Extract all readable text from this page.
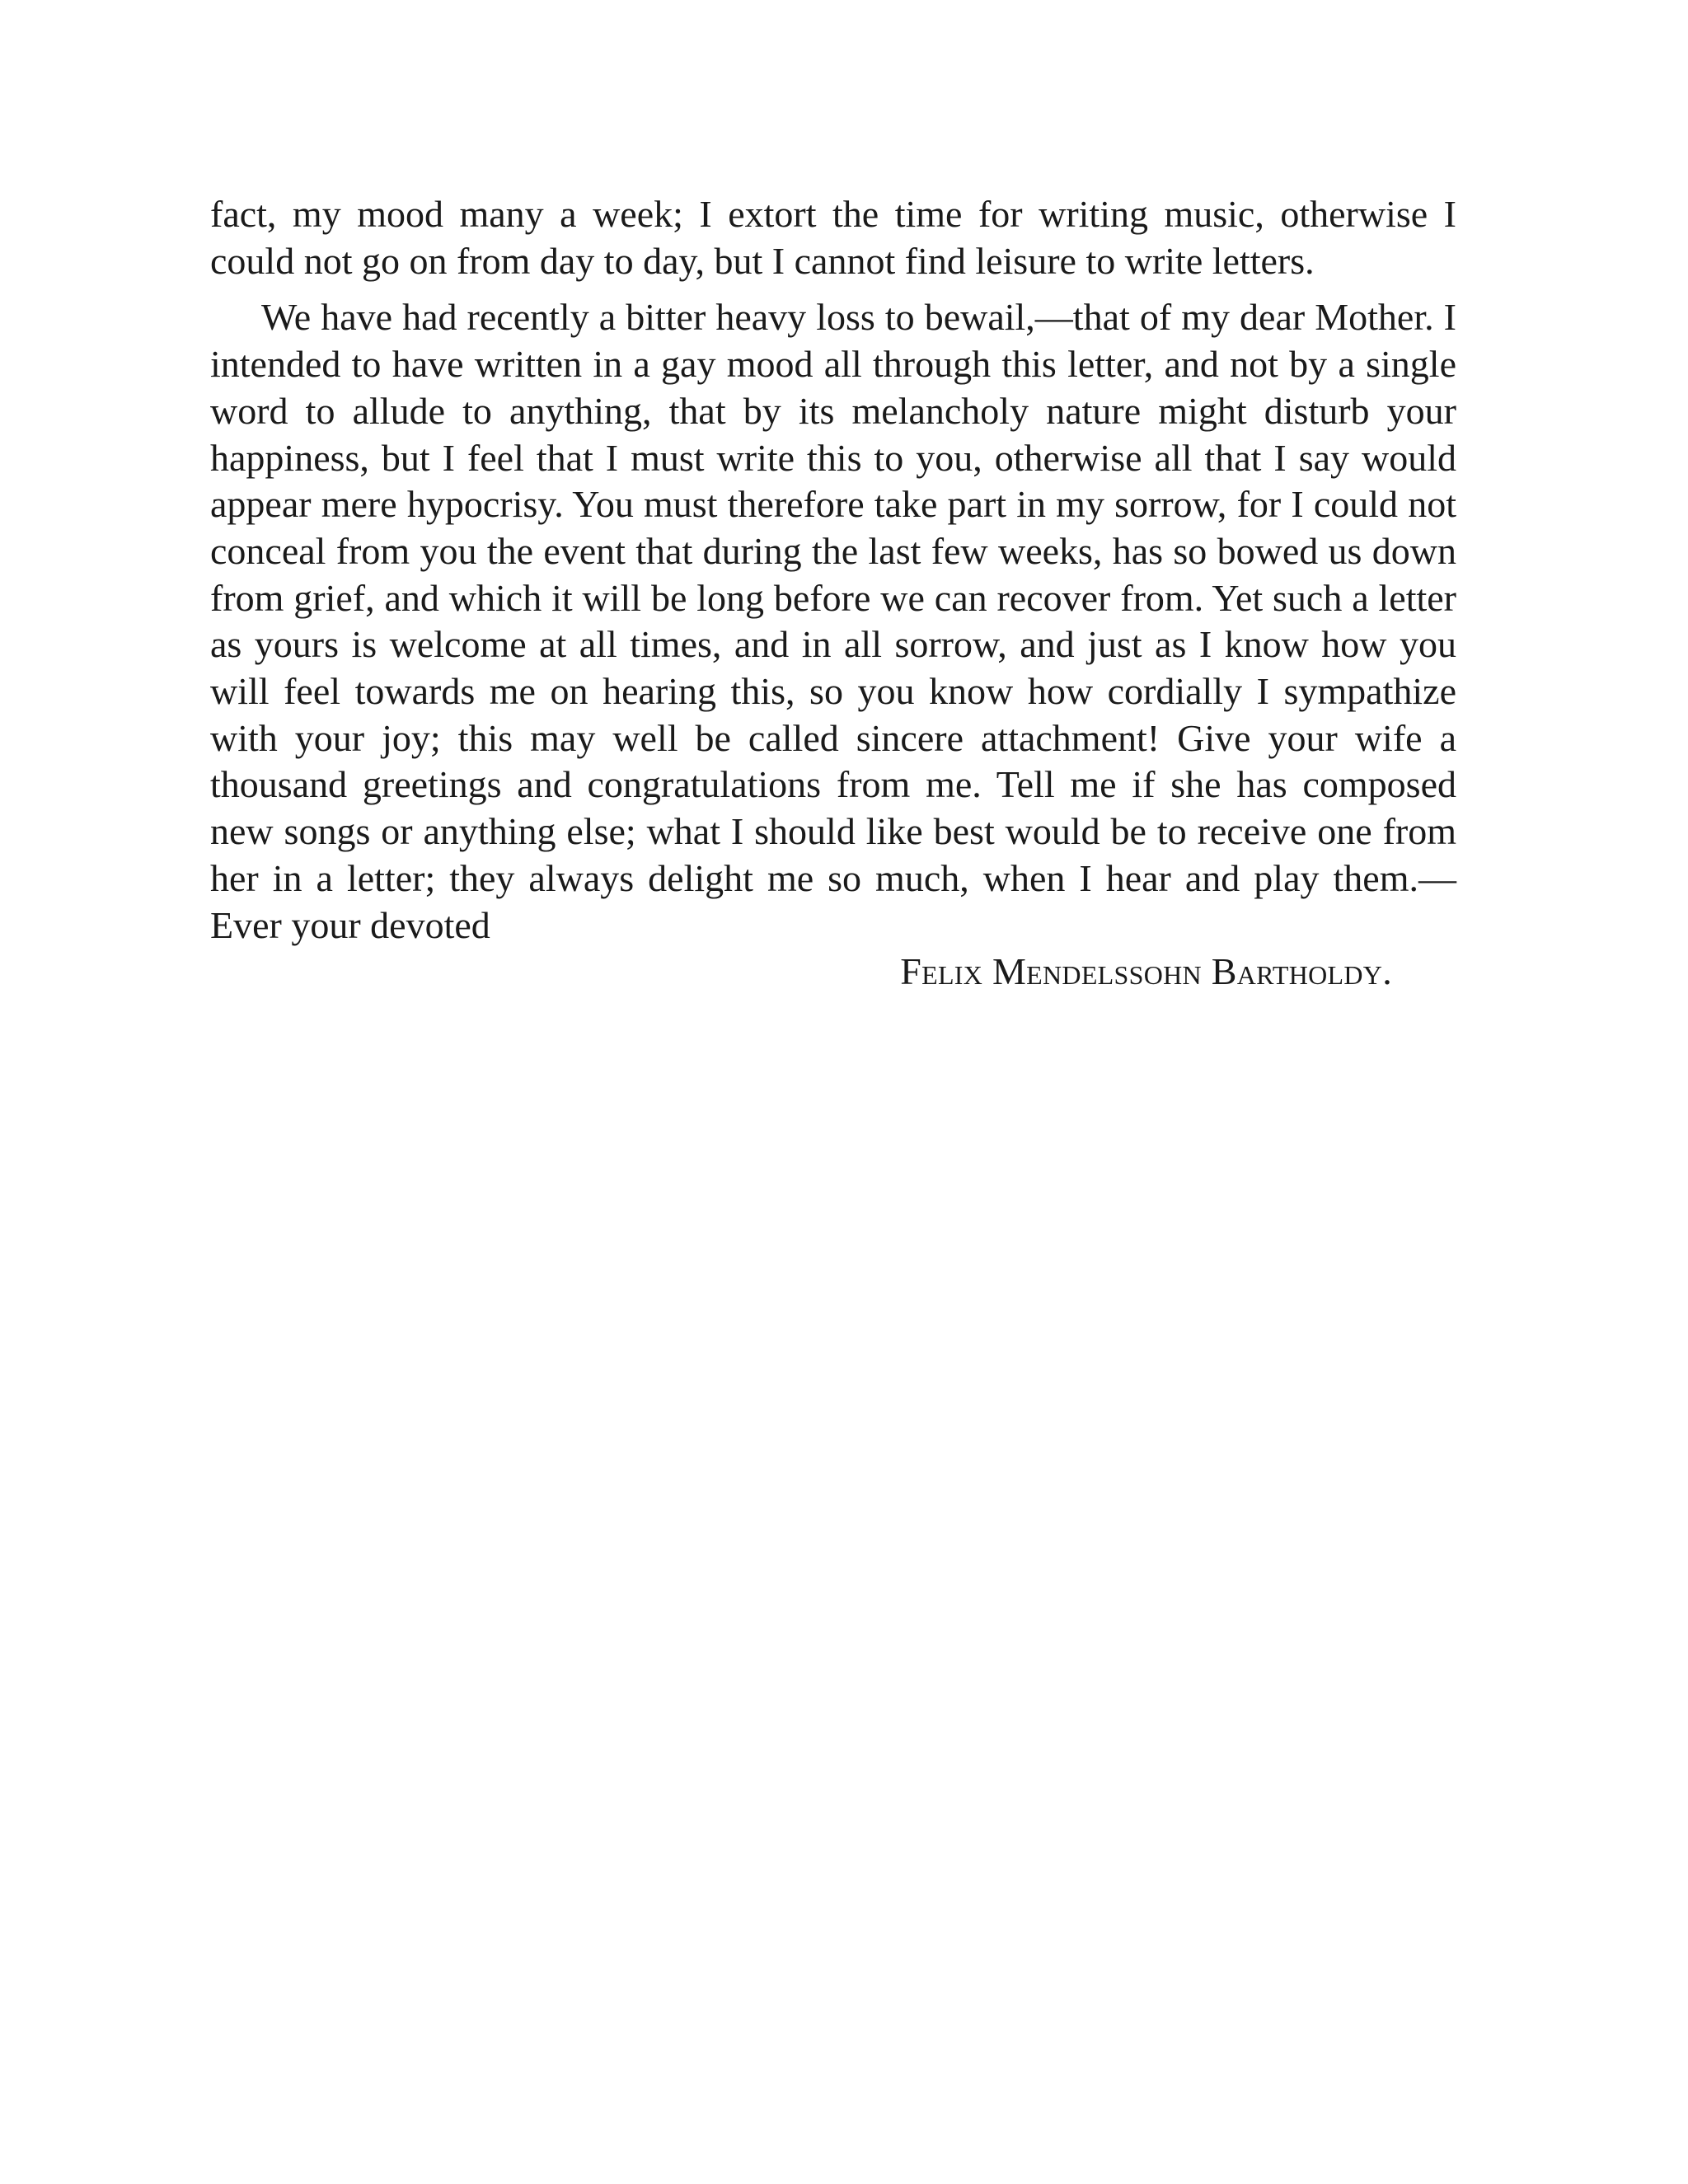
fact, my mood many a week; I extort the time for writing music, otherwise I could not go on from day to day, but I cannot find leisure to write letters.

We have had recently a bitter heavy loss to bewail,—that of my dear Mother. I intended to have written in a gay mood all through this letter, and not by a single word to allude to anything, that by its melancholy nature might disturb your happiness, but I feel that I must write this to you, otherwise all that I say would appear mere hypocrisy. You must therefore take part in my sorrow, for I could not conceal from you the event that during the last few weeks, has so bowed us down from grief, and which it will be long before we can recover from. Yet such a letter as yours is welcome at all times, and in all sorrow, and just as I know how you will feel towards me on hearing this, so you know how cordially I sympathize with your joy; this may well be called sincere attachment! Give your wife a thousand greetings and congratulations from me. Tell me if she has composed new songs or anything else; what I should like best would be to receive one from her in a letter; they always delight me so much, when I hear and play them.—Ever your devoted

Felix Mendelssohn Bartholdy.
